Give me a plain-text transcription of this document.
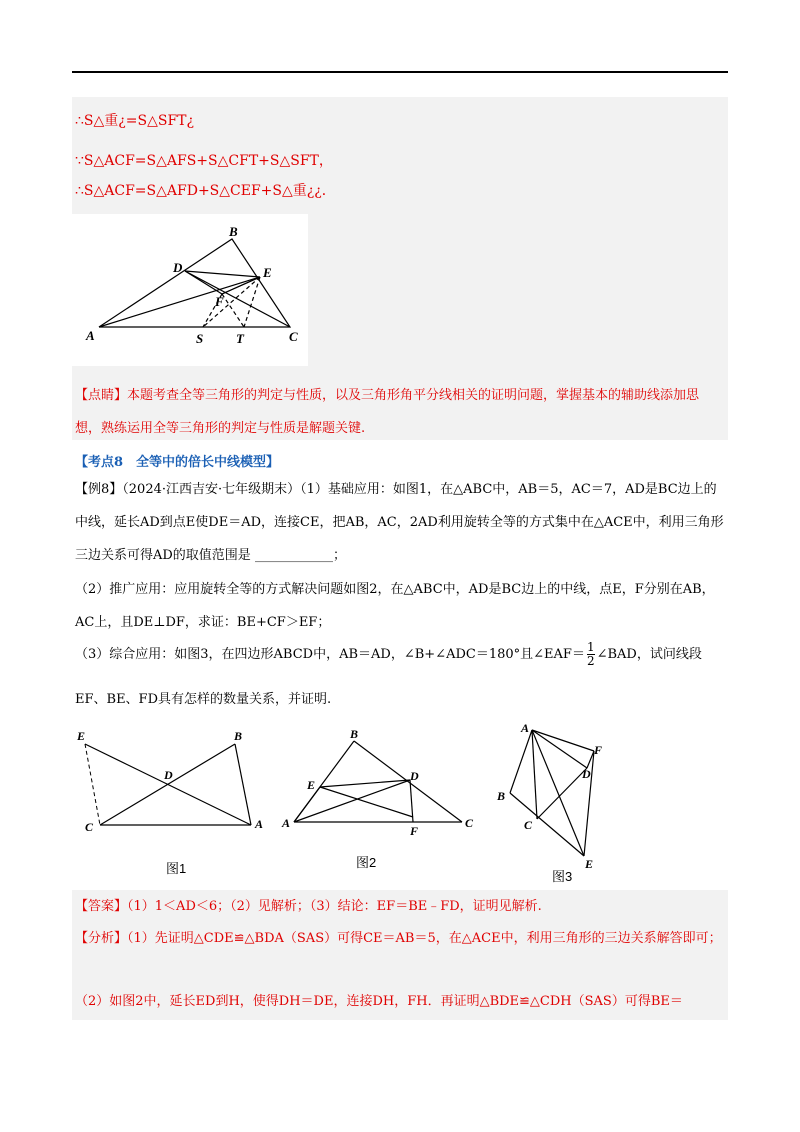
∴S△重¿=S△SFT¿
∵S△ACF=S△AFS+S△CFT+S△SFT，
∴S△ACF=S△AFD+S△CEF+S△重¿¿．
B
D	E
F
A	S	T	C
【点睛】本题考查全等三角形的判定与性质，以及三角形角平分线相关的证明问题，掌握基本的辅助线添加思想，熟练运用全等三角形的判定与性质是解题关键.
【考点8　全等中的倍长中线模型】
【例8】（2024·江西吉安·七年级期末）（1）基础应用：如图1，在△ABC中，AB＝5，AC＝7，AD是BC边上的中线，延长AD到点E使DE＝AD，连接CE，把AB，AC，2AD利用旋转全等的方式集中在△ACE中，利用三角形三边关系可得AD的取值范围是 ____________；
（2）推广应用：应用旋转全等的方式解决问题如图2，在△ABC中，AD是BC边上的中线，点E，F分别在AB，AC上，且DE⊥DF，求证：BE+CF＞EF；
（3）综合应用：如图3，在四边形ABCD中，AB＝AD，∠B+∠ADC＝180°且∠EAF＝ $\frac{1}{2}$ ∠BAD，试问线段
EF、BE、FD具有怎样的数量关系，并证明.
E	B
D
C	A
图1
B
E
D
A
F
C
图2
A
F
D
B
C
E
图3
【答案】（1）1＜AD＜6；（2）见解析；（3）结论：EF＝BE﹣FD，证明见解析.
【分析】（1）先证明△CDE≌△BDA（SAS）可得CE＝AB＝5，在△ACE中，利用三角形的三边关系解答即可；
（2）如图2中，延长ED到H，使得DH＝DE，连接DH，FH．再证明△BDE≌△CDH（SAS）可得BE＝
